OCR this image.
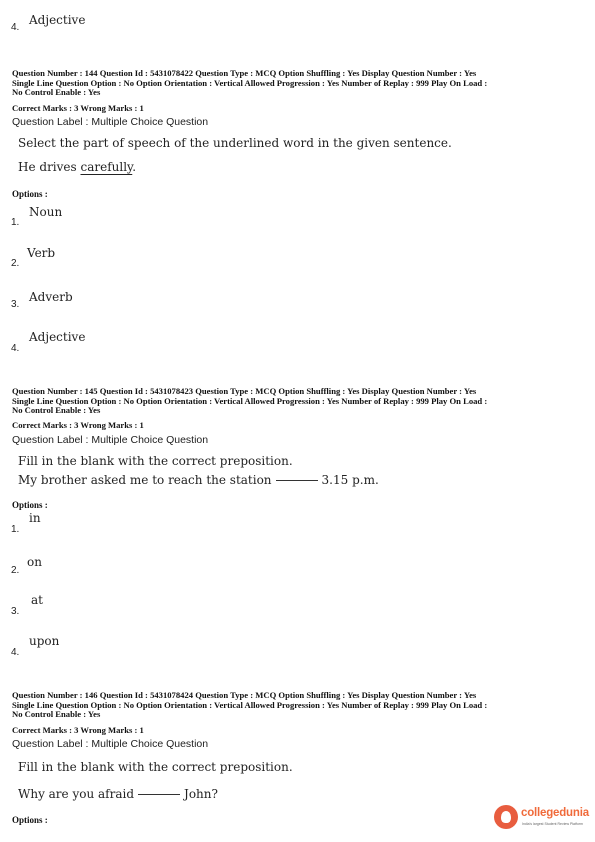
4.
Adjective
Question Number : 144 Question Id : 5431078422 Question Type : MCQ Option Shuffling : Yes Display Question Number : Yes
Single Line Question Option : No Option Orientation : Vertical Allowed Progression : Yes Number of Replay : 999 Play On Load :
No Control Enable : Yes
Correct Marks : 3 Wrong Marks : 1
Question Label : Multiple Choice Question
Select the part of speech of the underlined word in the given sentence.
He drives carefully.
Options :
1.
Noun
2.
Verb
3.
Adverb
4.
Adjective
Question Number : 145 Question Id : 5431078423 Question Type : MCQ Option Shuffling : Yes Display Question Number : Yes
Single Line Question Option : No Option Orientation : Vertical Allowed Progression : Yes Number of Replay : 999 Play On Load :
No Control Enable : Yes
Correct Marks : 3 Wrong Marks : 1
Question Label : Multiple Choice Question
Fill in the blank with the correct preposition.
My brother asked me to reach the station	3.15 p.m.
Options :
1.
in
2.
on
3.
at
4.
upon
Question Number : 146 Question Id : 5431078424 Question Type : MCQ Option Shuffling : Yes Display Question Number : Yes
Single Line Question Option : No Option Orientation : Vertical Allowed Progression : Yes Number of Replay : 999 Play On Load :
No Control Enable : Yes
Correct Marks : 3 Wrong Marks : 1
Question Label : Multiple Choice Question
Fill in the blank with the correct preposition.
Why are you afraid	John?
Options :
collegedunia
India's largest Student Review Platform
